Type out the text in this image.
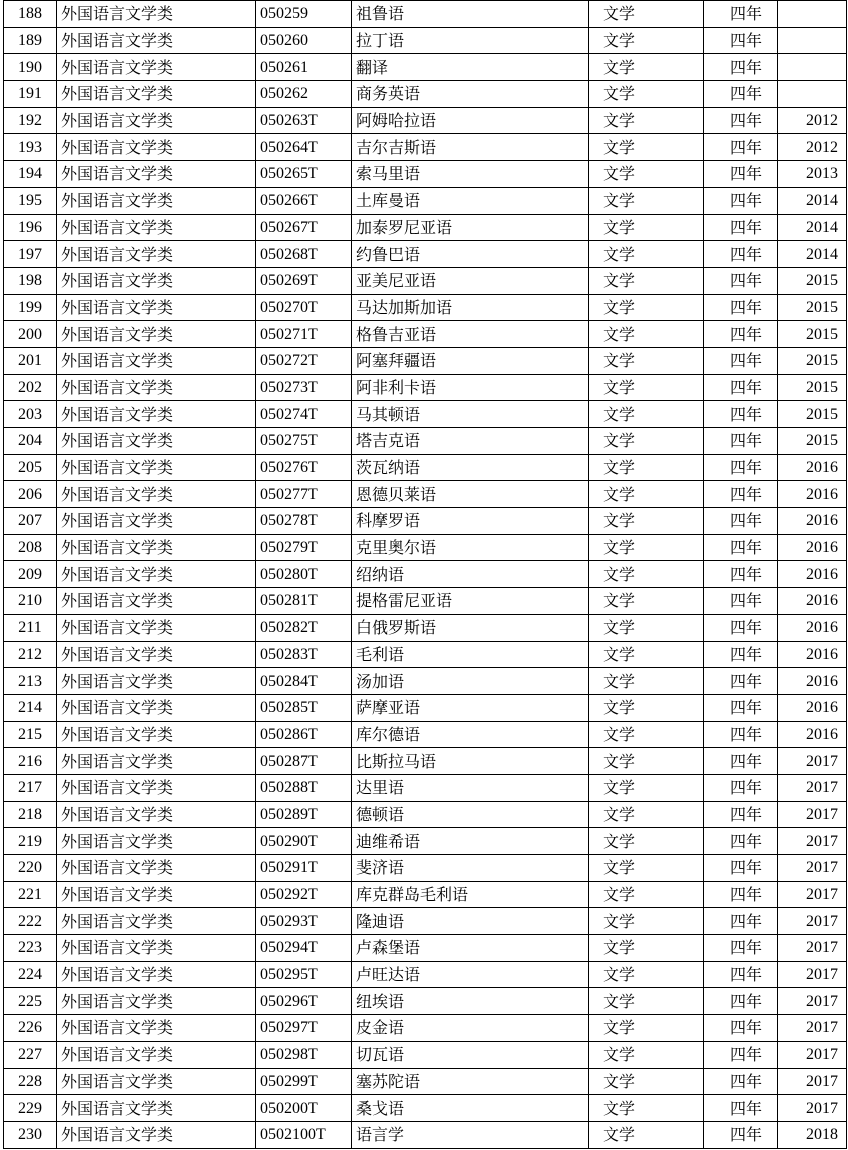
188	外国语言文学类	050259	祖鲁语	文学	四年	
189	外国语言文学类	050260	拉丁语	文学	四年	
190	外国语言文学类	050261	翻译	文学	四年	
191	外国语言文学类	050262	商务英语	文学	四年	
192	外国语言文学类	050263T	阿姆哈拉语	文学	四年	2012
193	外国语言文学类	050264T	吉尔吉斯语	文学	四年	2012
194	外国语言文学类	050265T	索马里语	文学	四年	2013
195	外国语言文学类	050266T	土库曼语	文学	四年	2014
196	外国语言文学类	050267T	加泰罗尼亚语	文学	四年	2014
197	外国语言文学类	050268T	约鲁巴语	文学	四年	2014
198	外国语言文学类	050269T	亚美尼亚语	文学	四年	2015
199	外国语言文学类	050270T	马达加斯加语	文学	四年	2015
200	外国语言文学类	050271T	格鲁吉亚语	文学	四年	2015
201	外国语言文学类	050272T	阿塞拜疆语	文学	四年	2015
202	外国语言文学类	050273T	阿非利卡语	文学	四年	2015
203	外国语言文学类	050274T	马其顿语	文学	四年	2015
204	外国语言文学类	050275T	塔吉克语	文学	四年	2015
205	外国语言文学类	050276T	茨瓦纳语	文学	四年	2016
206	外国语言文学类	050277T	恩德贝莱语	文学	四年	2016
207	外国语言文学类	050278T	科摩罗语	文学	四年	2016
208	外国语言文学类	050279T	克里奥尔语	文学	四年	2016
209	外国语言文学类	050280T	绍纳语	文学	四年	2016
210	外国语言文学类	050281T	提格雷尼亚语	文学	四年	2016
211	外国语言文学类	050282T	白俄罗斯语	文学	四年	2016
212	外国语言文学类	050283T	毛利语	文学	四年	2016
213	外国语言文学类	050284T	汤加语	文学	四年	2016
214	外国语言文学类	050285T	萨摩亚语	文学	四年	2016
215	外国语言文学类	050286T	库尔德语	文学	四年	2016
216	外国语言文学类	050287T	比斯拉马语	文学	四年	2017
217	外国语言文学类	050288T	达里语	文学	四年	2017
218	外国语言文学类	050289T	德顿语	文学	四年	2017
219	外国语言文学类	050290T	迪维希语	文学	四年	2017
220	外国语言文学类	050291T	斐济语	文学	四年	2017
221	外国语言文学类	050292T	库克群岛毛利语	文学	四年	2017
222	外国语言文学类	050293T	隆迪语	文学	四年	2017
223	外国语言文学类	050294T	卢森堡语	文学	四年	2017
224	外国语言文学类	050295T	卢旺达语	文学	四年	2017
225	外国语言文学类	050296T	纽埃语	文学	四年	2017
226	外国语言文学类	050297T	皮金语	文学	四年	2017
227	外国语言文学类	050298T	切瓦语	文学	四年	2017
228	外国语言文学类	050299T	塞苏陀语	文学	四年	2017
229	外国语言文学类	050200T	桑戈语	文学	四年	2017
230	外国语言文学类	0502100T	语言学	文学	四年	2018
